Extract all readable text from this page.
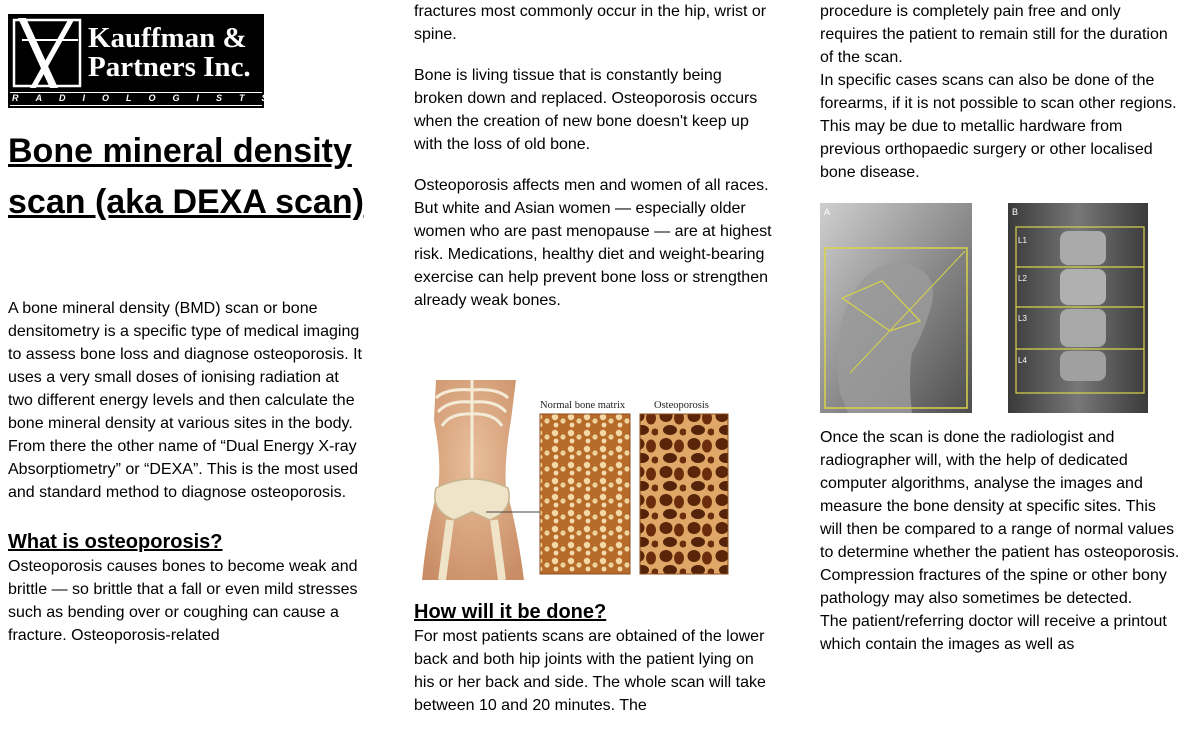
Kauffman &
Partners Inc.
RADIOLOGISTS
Bone mineral density scan (aka DEXA scan)

A bone mineral density (BMD) scan or bone densitometry is a specific type of medical imaging to assess bone loss and diagnose osteoporosis. It uses a very small doses of ionising radiation at two different energy levels and then calculate the bone mineral density at various sites in the body. From there the other name of “Dual Energy X-ray Absorptiometry” or “DEXA”. This is the most used and standard method to diagnose osteoporosis.

What is osteoporosis?

Osteoporosis causes bones to become weak and brittle — so brittle that a fall or even mild stresses such as bending over or coughing can cause a fracture. Osteoporosis-related

fractures most commonly occur in the hip, wrist or spine.

Bone is living tissue that is constantly being broken down and replaced. Osteoporosis occurs when the creation of new bone doesn't keep up with the loss of old bone.

Osteoporosis affects men and women of all races. But white and Asian women — especially older women who are past menopause — are at highest risk. Medications, healthy diet and weight-bearing exercise can help prevent bone loss or strengthen already weak bones.

Normal bone matrix	Osteoporosis
How will it be done?

For most patients scans are obtained of the lower back and both hip joints with the patient lying on his or her back and side. The whole scan will take between 10 and 20 minutes. The

procedure is completely pain free and only requires the patient to remain still for the duration of the scan.

In specific cases scans can also be done of the forearms, if it is not possible to scan other regions. This may be due to metallic hardware from previous orthopaedic surgery or other localised bone disease.

A	B
L1
L2
L3
L4

Once the scan is done the radiologist and radiographer will, with the help of dedicated computer algorithms, analyse the images and measure the bone density at specific sites. This will then be compared to a range of normal values to determine whether the patient has osteoporosis. Compression fractures of the spine or other bony pathology may also sometimes be detected.

The patient/referring doctor will receive a printout which contain the images as well as
